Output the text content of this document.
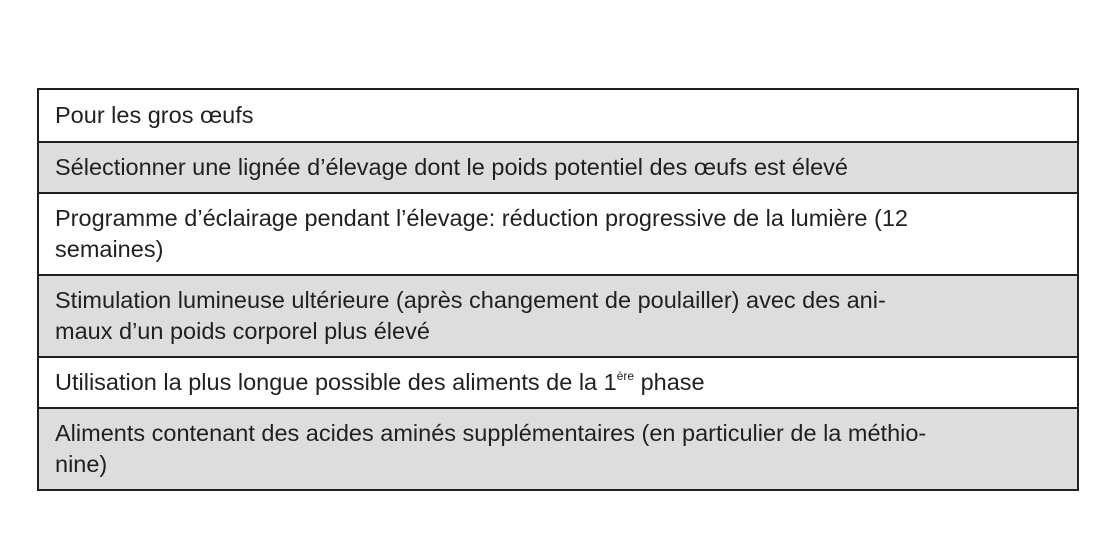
Pour les gros œufs
Sélectionner une lignée d’élevage dont le poids potentiel des œufs est élevé
Programme d’éclairage pendant l’élevage: réduction progressive de la lumière (12
semaines)
Stimulation lumineuse ultérieure (après changement de poulailler) avec des ani-
maux d’un poids corporel plus élevé
Utilisation la plus longue possible des aliments de la 1ère phase
Aliments contenant des acides aminés supplémentaires (en particulier de la méthio-
nine)
